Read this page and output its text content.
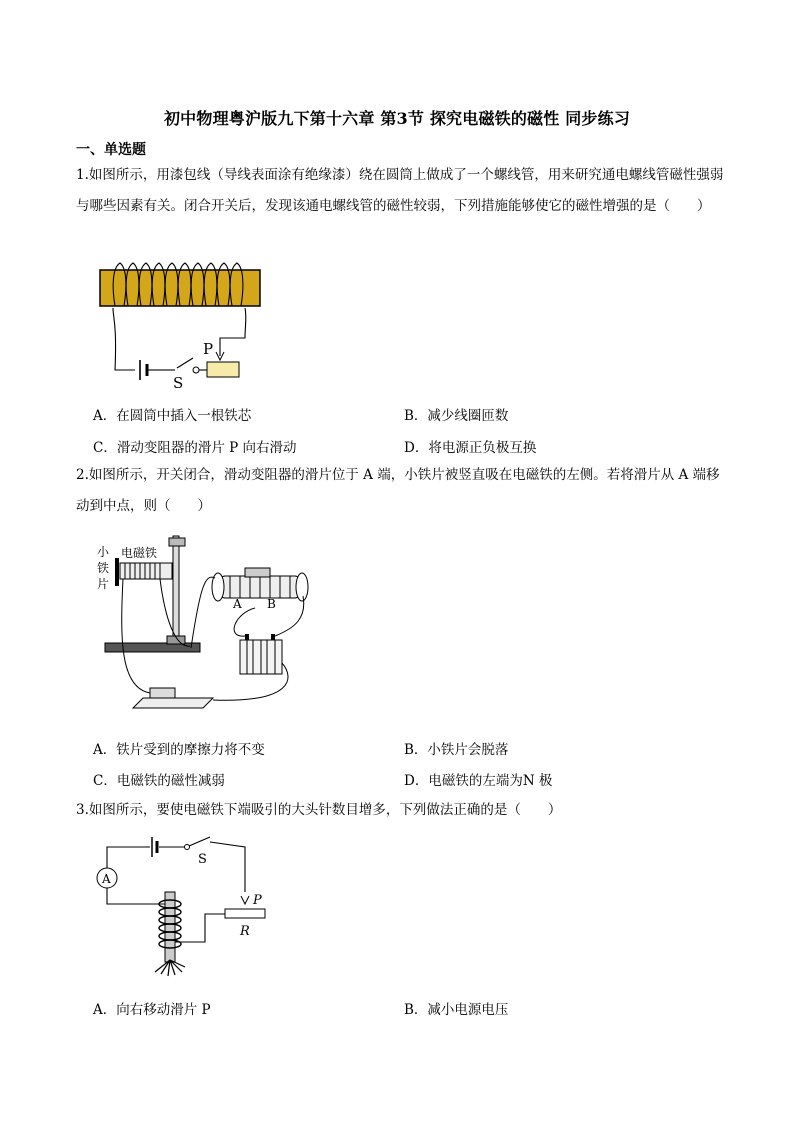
初中物理粤沪版九下第十六章 第3节 探究电磁铁的磁性 同步练习
一、单选题
1.如图所示，用漆包线（导线表面涂有绝缘漆）绕在圆筒上做成了一个螺线管，用来研究通电螺线管磁性强弱与哪些因素有关。闭合开关后，发现该通电螺线管的磁性较弱，下列措施能够使它的磁性增强的是（　　）
P
S
A．在圆筒中插入一根铁芯	B．减少线圈匝数
C．滑动变阻器的滑片 P 向右滑动	D．将电源正负极互换
2.如图所示，开关闭合，滑动变阻器的滑片位于 A 端，小铁片被竖直吸在电磁铁的左侧。若将滑片从 A 端移动到中点，则（　　）
小
铁
片
电磁铁
A B
A．铁片受到的摩擦力将不变	B．小铁片会脱落
C．电磁铁的磁性减弱	D．电磁铁的左端为N 极
3.如图所示，要使电磁铁下端吸引的大头针数目增多，下列做法正确的是（　　）
S
A
P
R
A．向右移动滑片 P	B．减小电源电压
